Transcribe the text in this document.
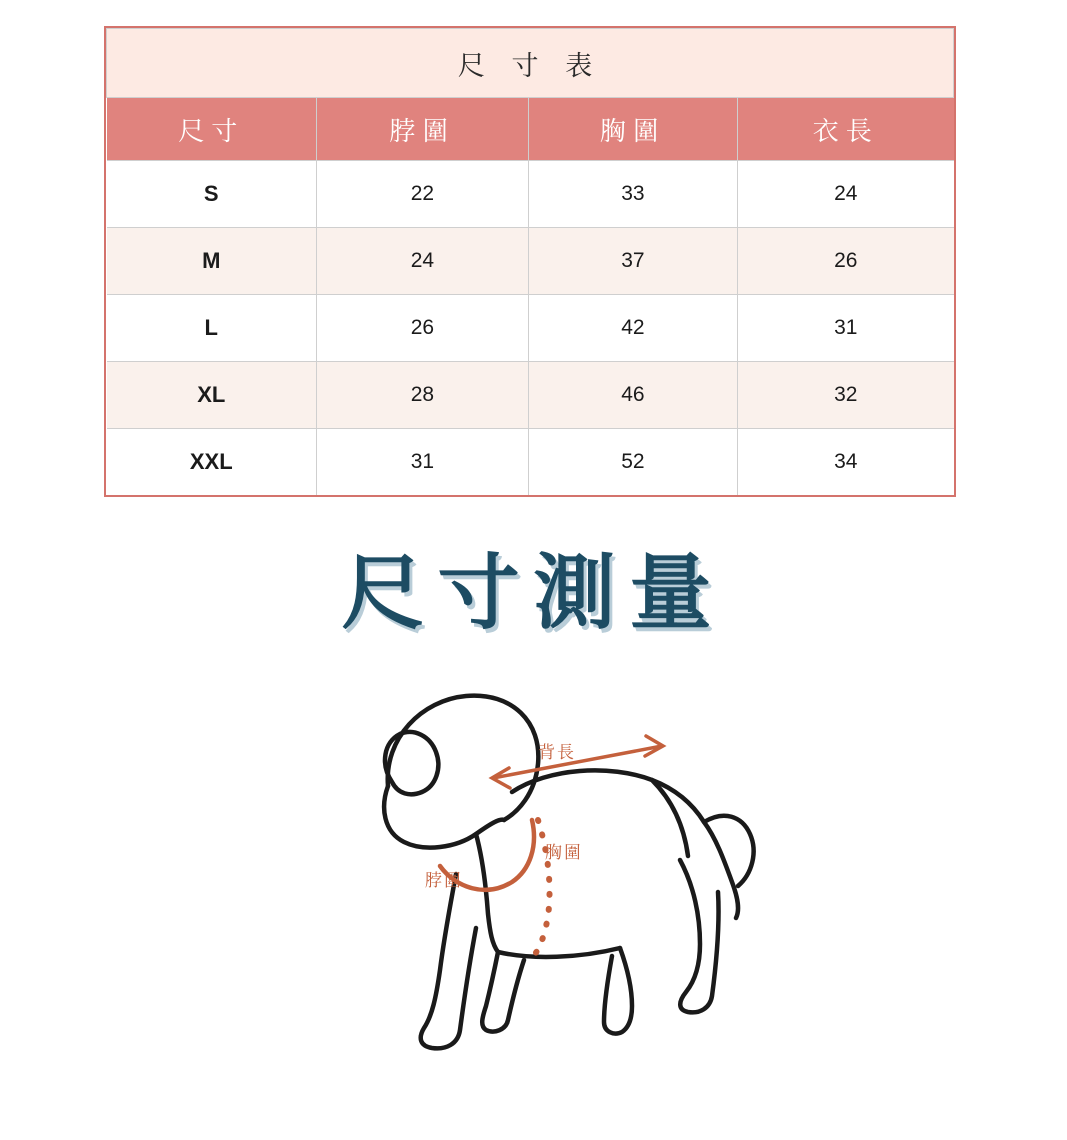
尺 寸 表			
尺寸	脖圍	胸圍	衣長
S	22	33	24
M	24	37	26
L	26	42	31
XL	28	46	32
XXL	31	52	34
尺寸測量
背長
脖圍
胸圍
